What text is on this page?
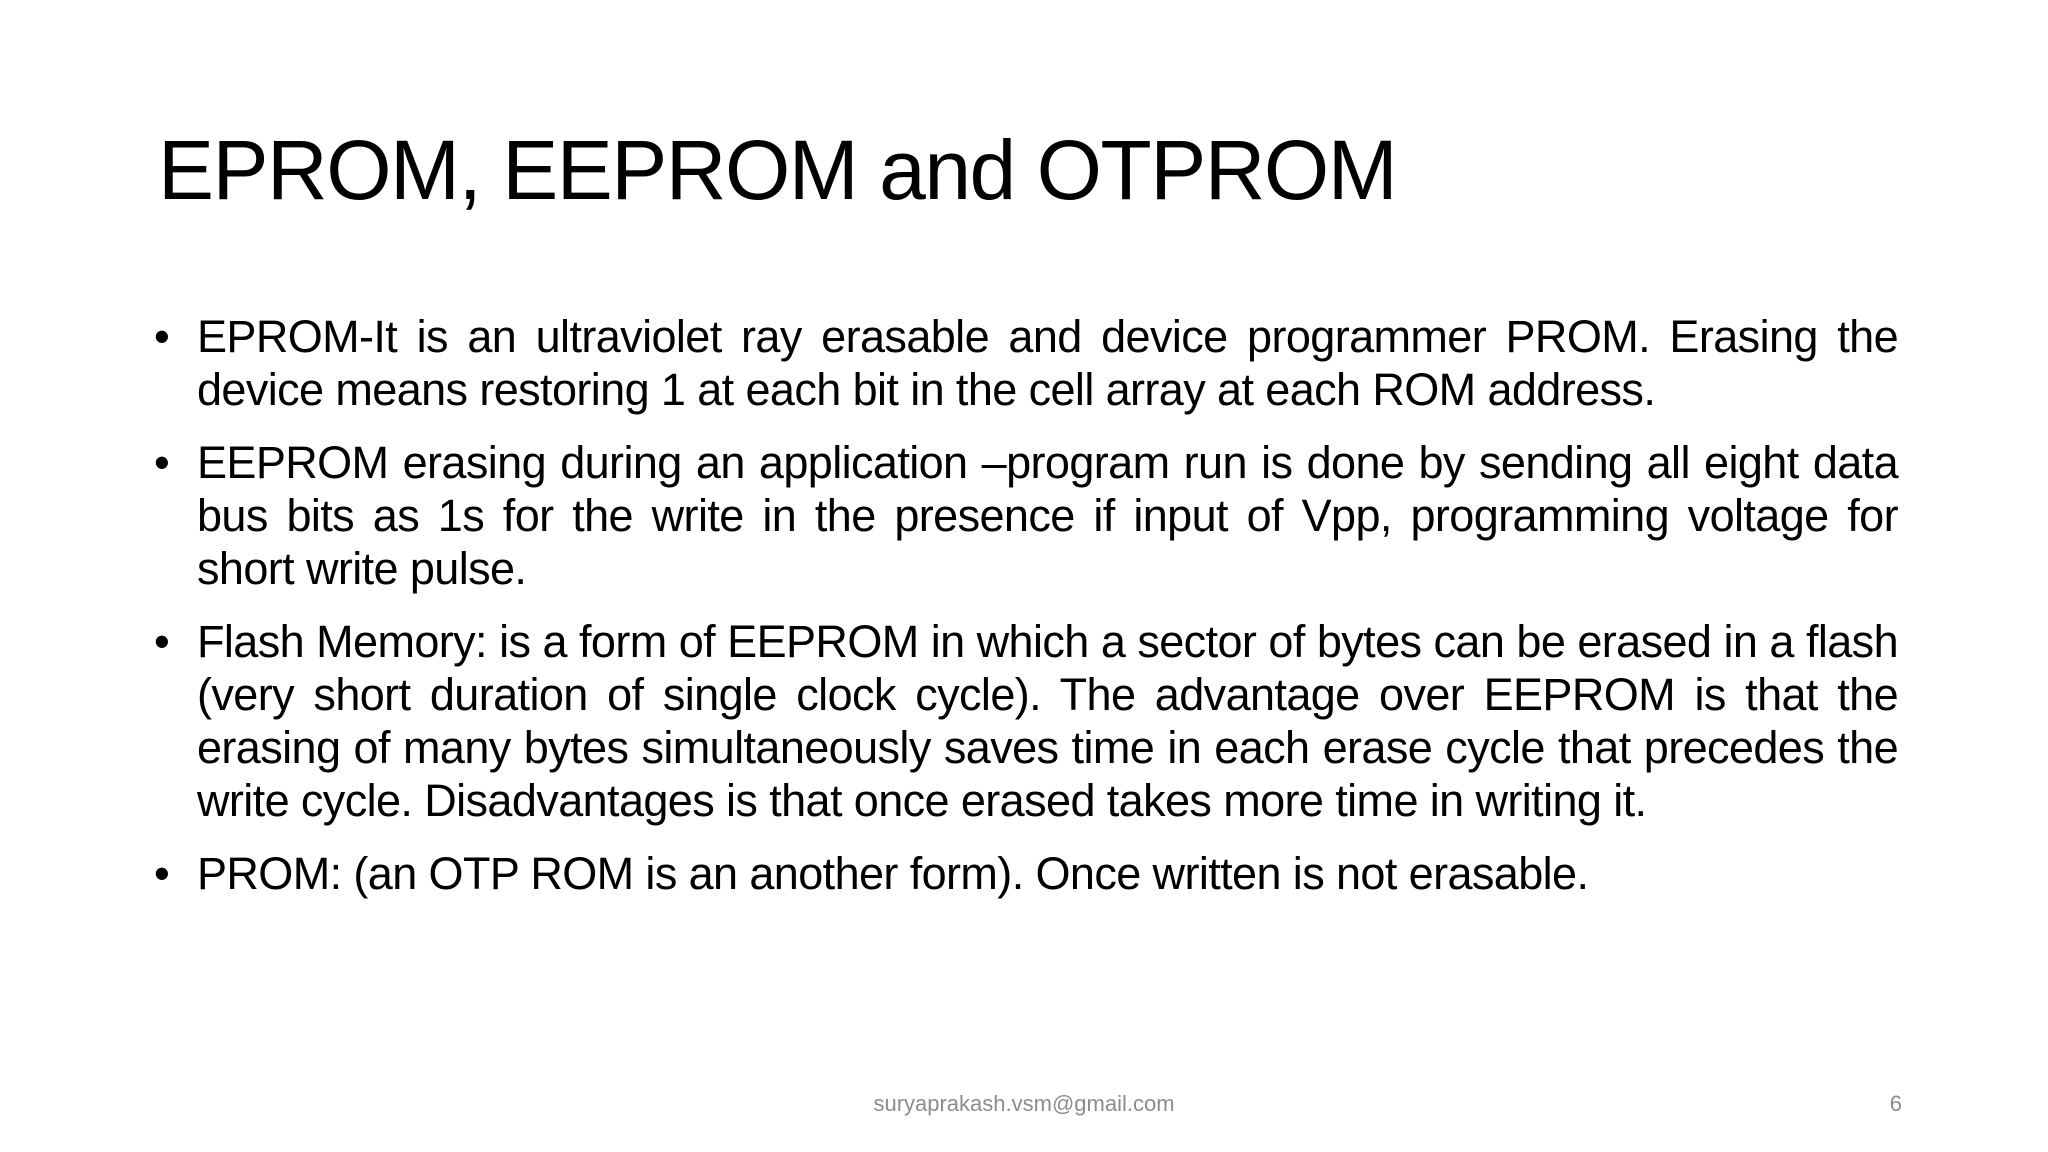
EPROM, EEPROM and OTPROM
• EPROM-It is an ultraviolet ray erasable and device programmer PROM. Erasing the device means restoring 1 at each bit in the cell array at each ROM address.
• EEPROM erasing during an application –program run is done by sending all eight data bus bits as 1s for the write in the presence if input of Vpp, programming voltage for short write pulse.
• Flash Memory: is a form of EEPROM in which a sector of bytes can be erased in a flash (very short duration of single clock cycle). The advantage over EEPROM is that the erasing of many bytes simultaneously saves time in each erase cycle that precedes the write cycle. Disadvantages is that once erased takes more time in writing it.
• PROM: (an OTP ROM is an another form). Once written is not erasable.
suryaprakash.vsm@gmail.com	6
